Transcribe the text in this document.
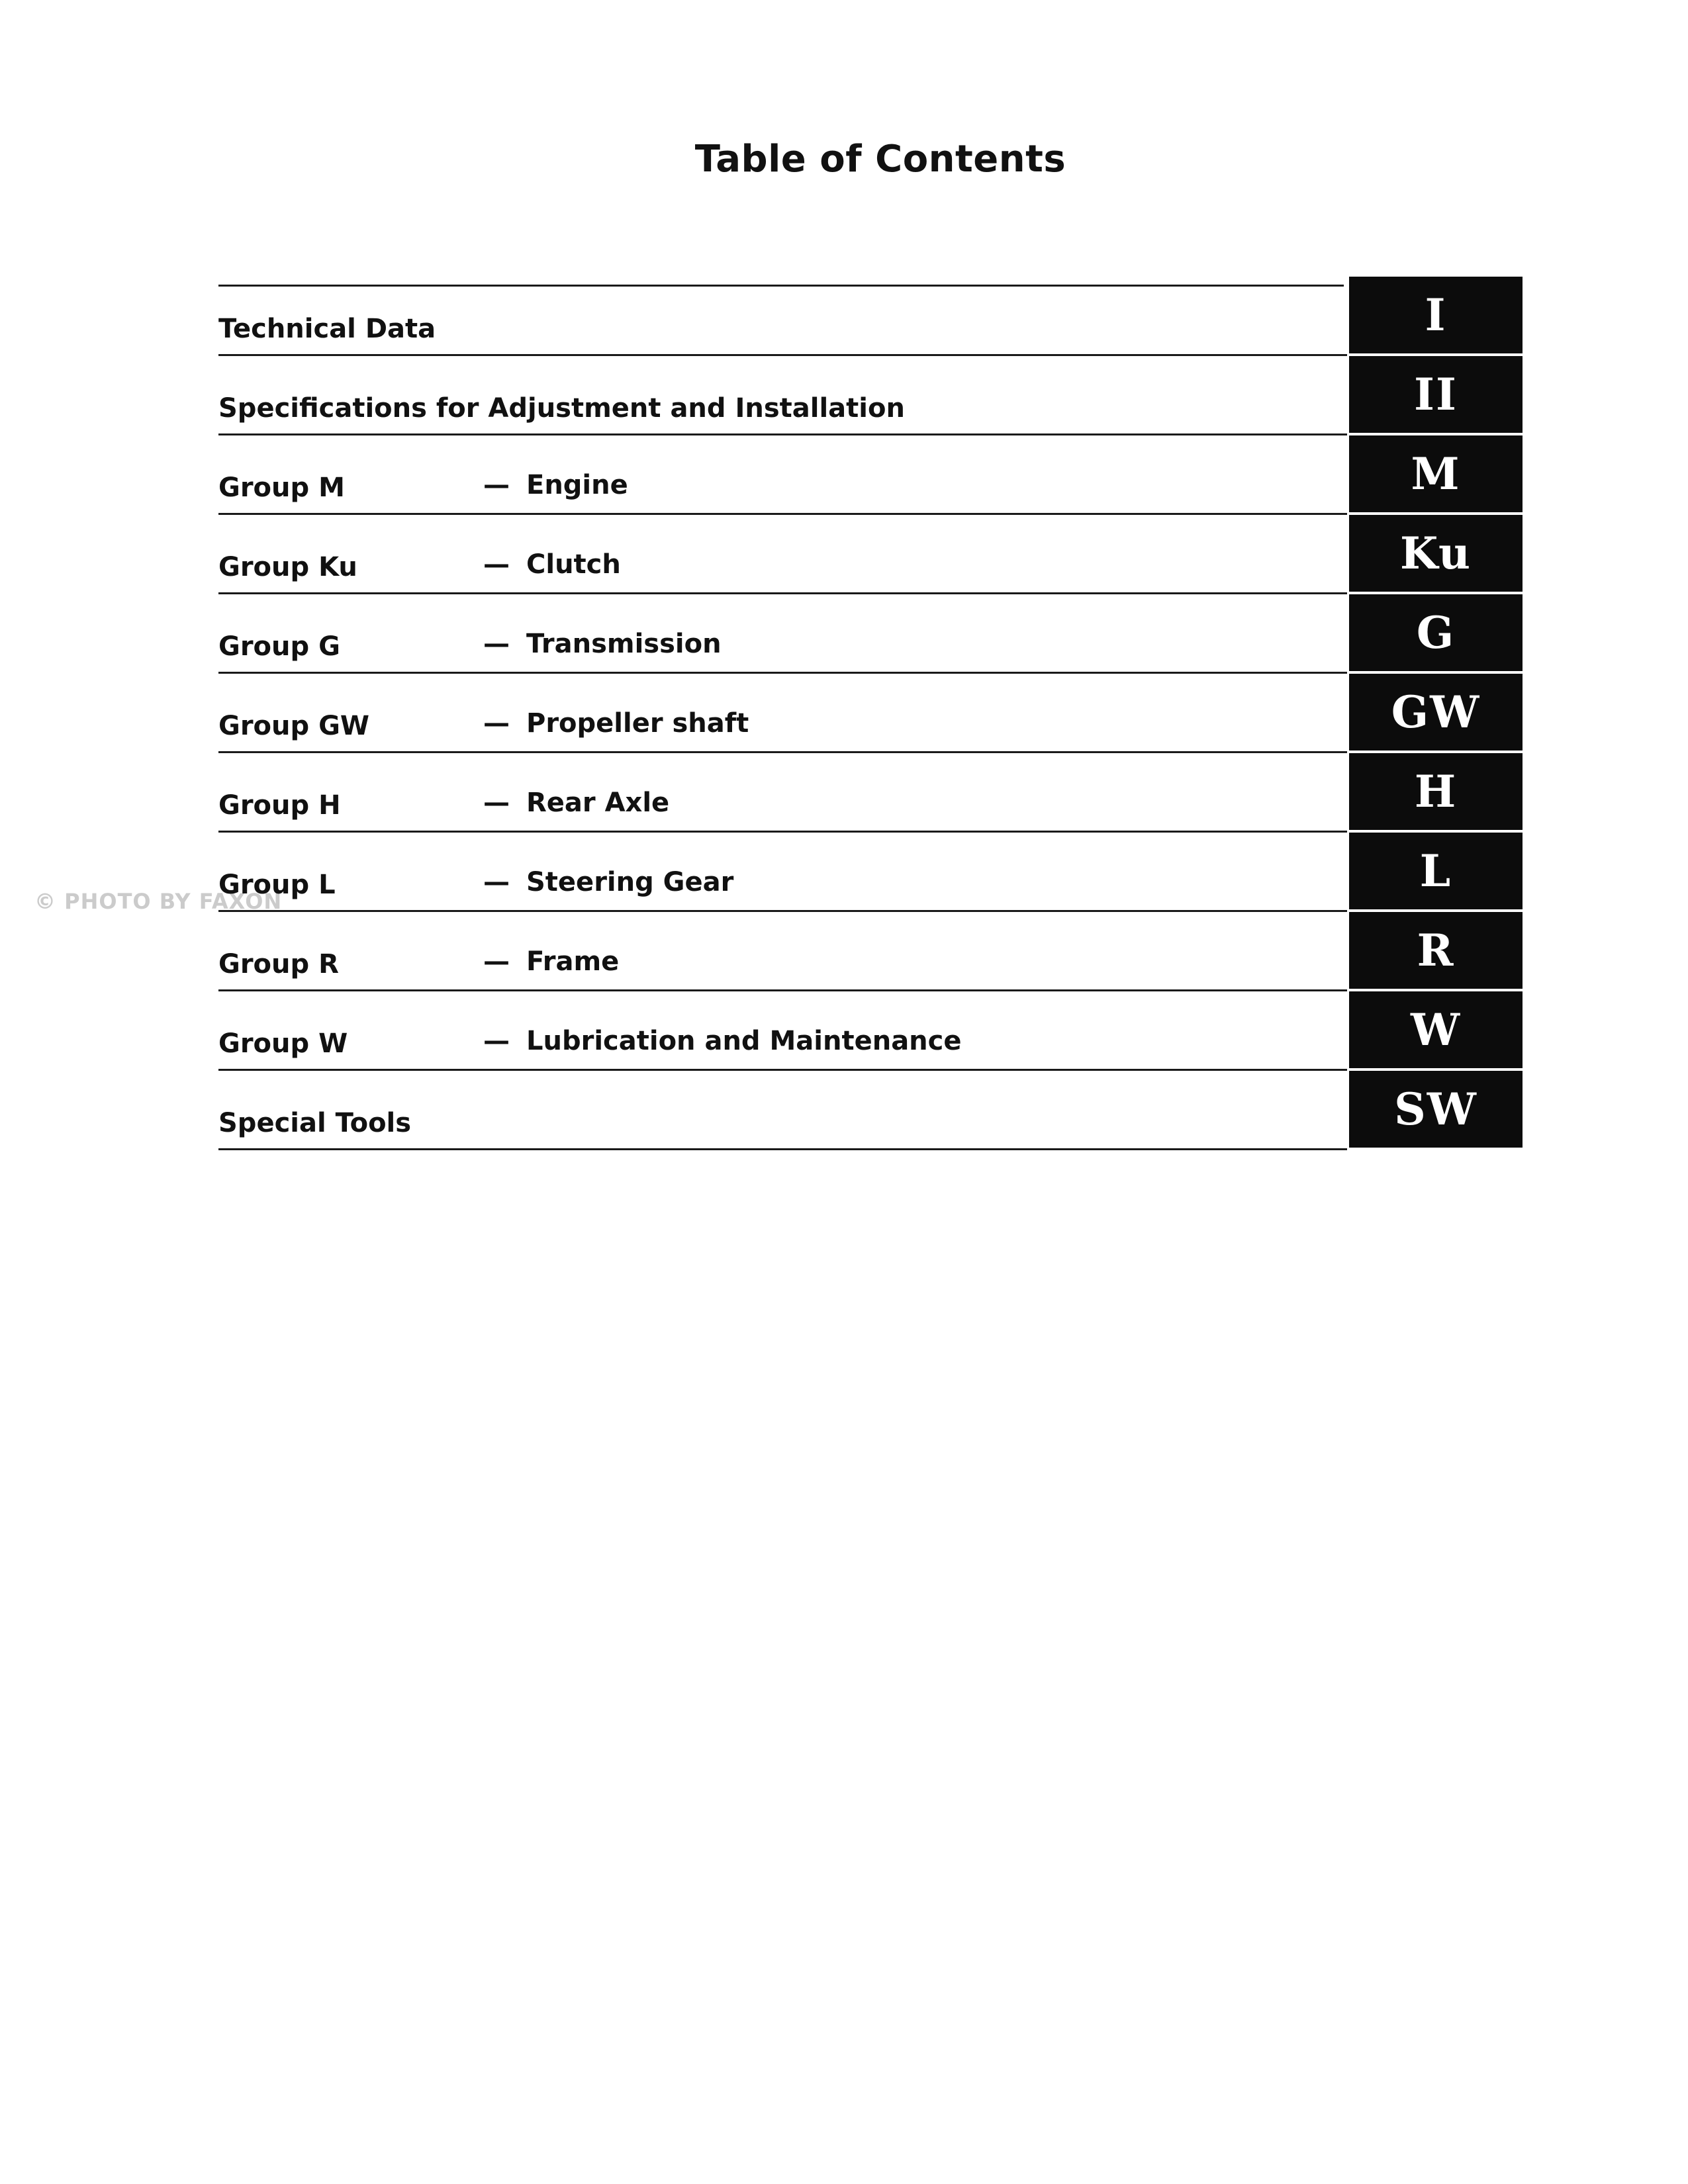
Table of Contents
© PHOTO BY FAXON
Technical Data	I
Specifications for Adjustment and Installation	II
Group M	— Engine	M
Group Ku	— Clutch	Ku
Group G	— Transmission	G
Group GW	— Propeller shaft	GW
Group H	— Rear Axle	H
Group L	— Steering Gear	L
Group R	— Frame	R
Group W	— Lubrication and Maintenance	W
Special Tools	SW
